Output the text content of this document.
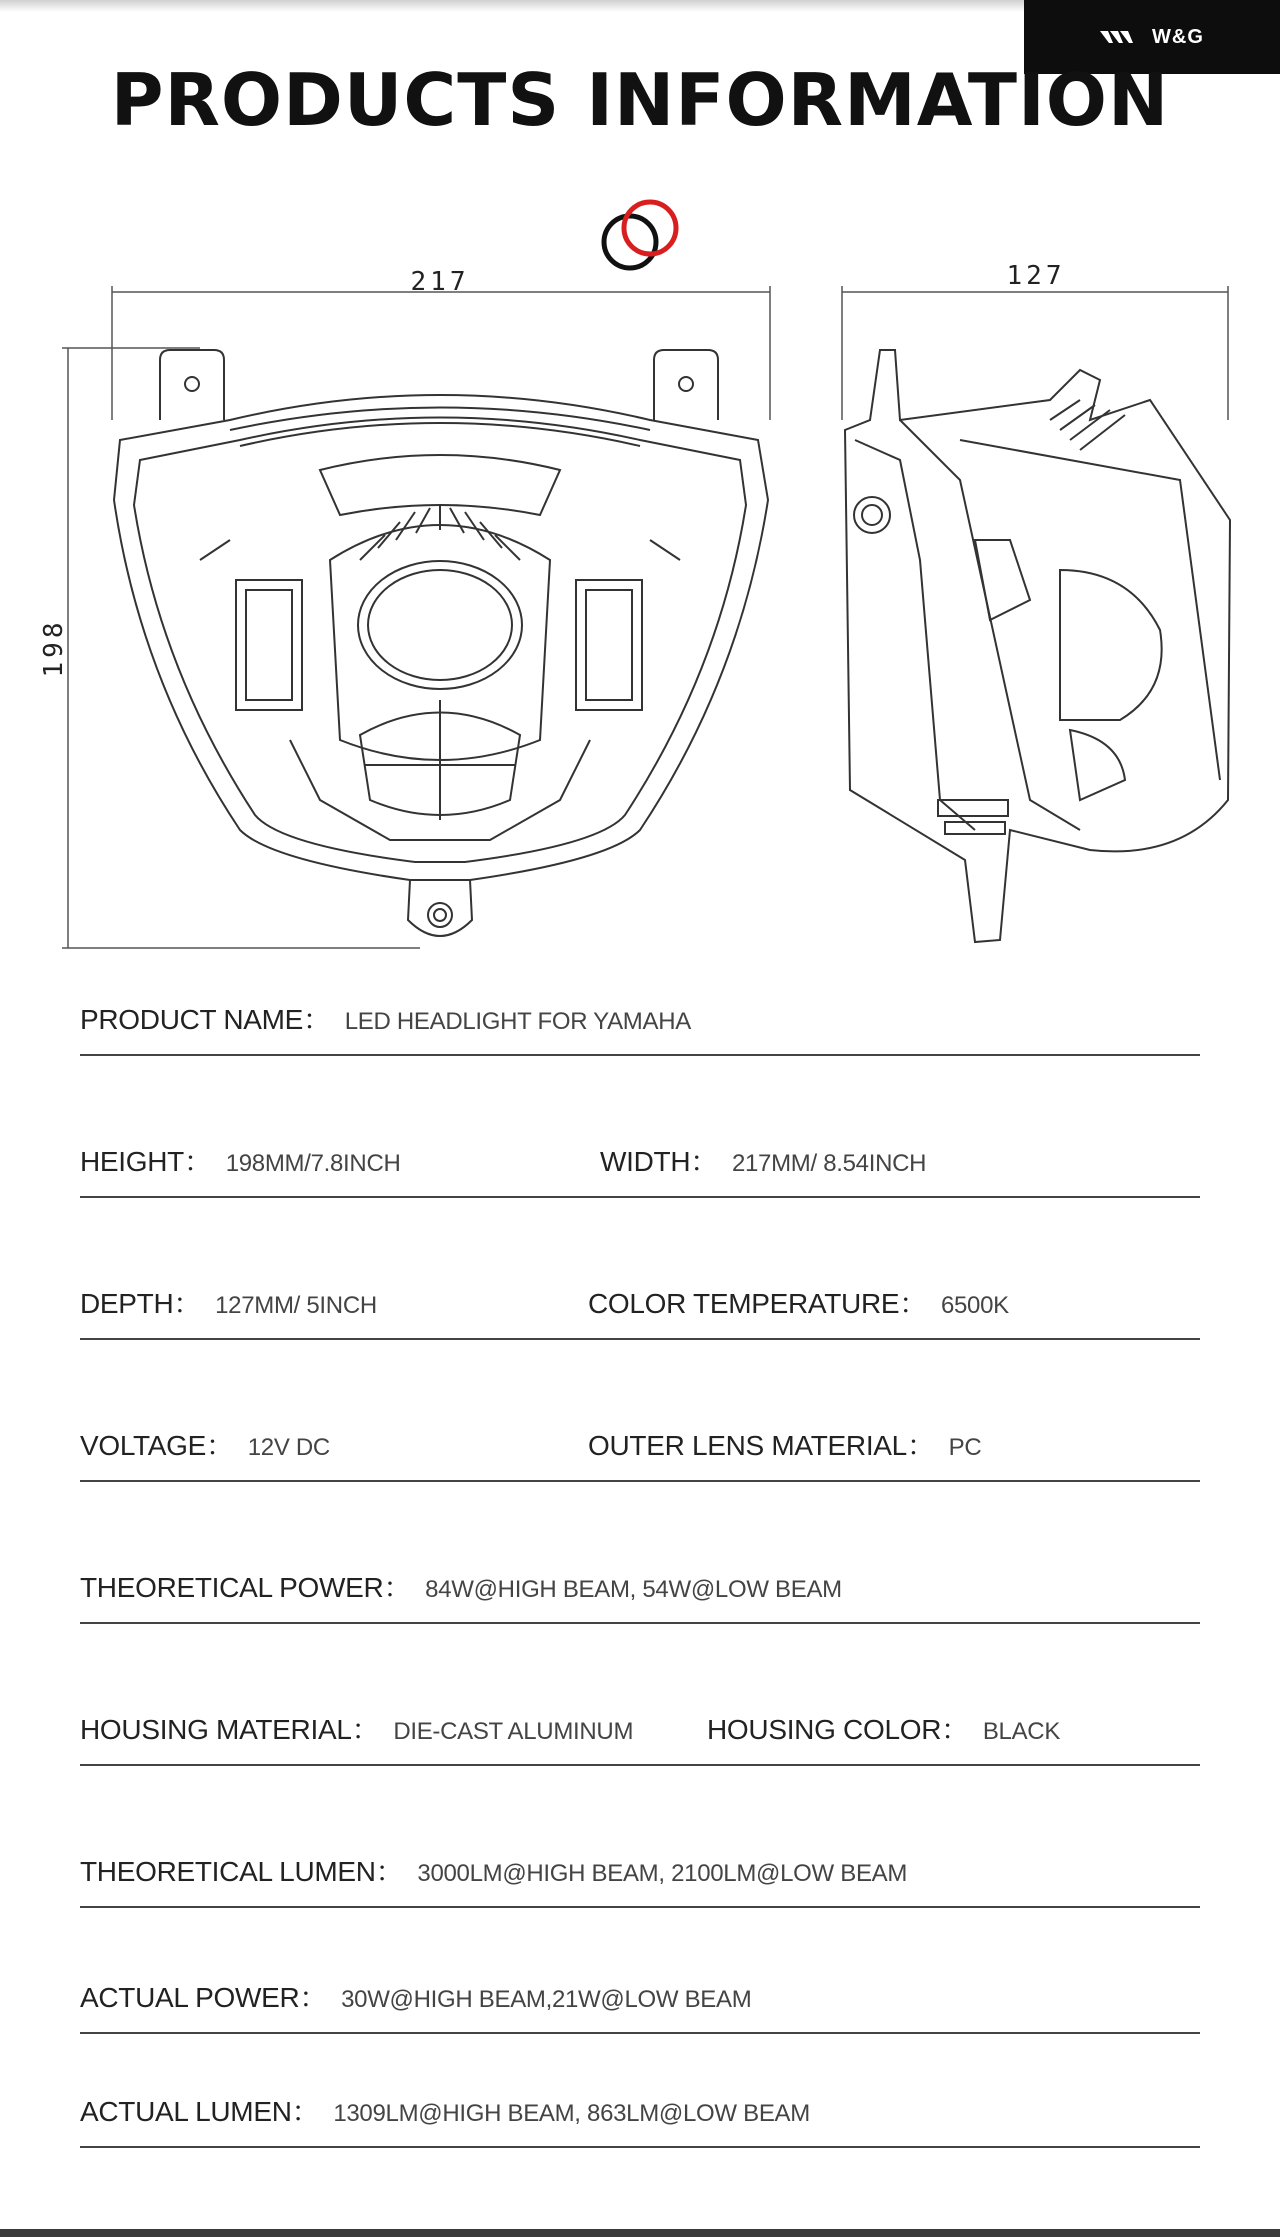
W&G
PRODUCTS INFORMATION
217
198
127
PRODUCT NAME： LED HEADLIGHT FOR YAMAHA
HEIGHT： 198MM/7.8INCH	WIDTH： 217MM/ 8.54INCH
DEPTH： 127MM/ 5INCH	COLOR TEMPERATURE： 6500K
VOLTAGE： 12V DC	OUTER LENS MATERIAL： PC
THEORETICAL POWER： 84W@HIGH BEAM, 54W@LOW BEAM
HOUSING MATERIAL： DIE-CAST ALUMINUM	HOUSING COLOR： BLACK
THEORETICAL LUMEN： 3000LM@HIGH BEAM, 2100LM@LOW BEAM
ACTUAL POWER： 30W@HIGH BEAM,21W@LOW BEAM
ACTUAL LUMEN： 1309LM@HIGH BEAM, 863LM@LOW BEAM
